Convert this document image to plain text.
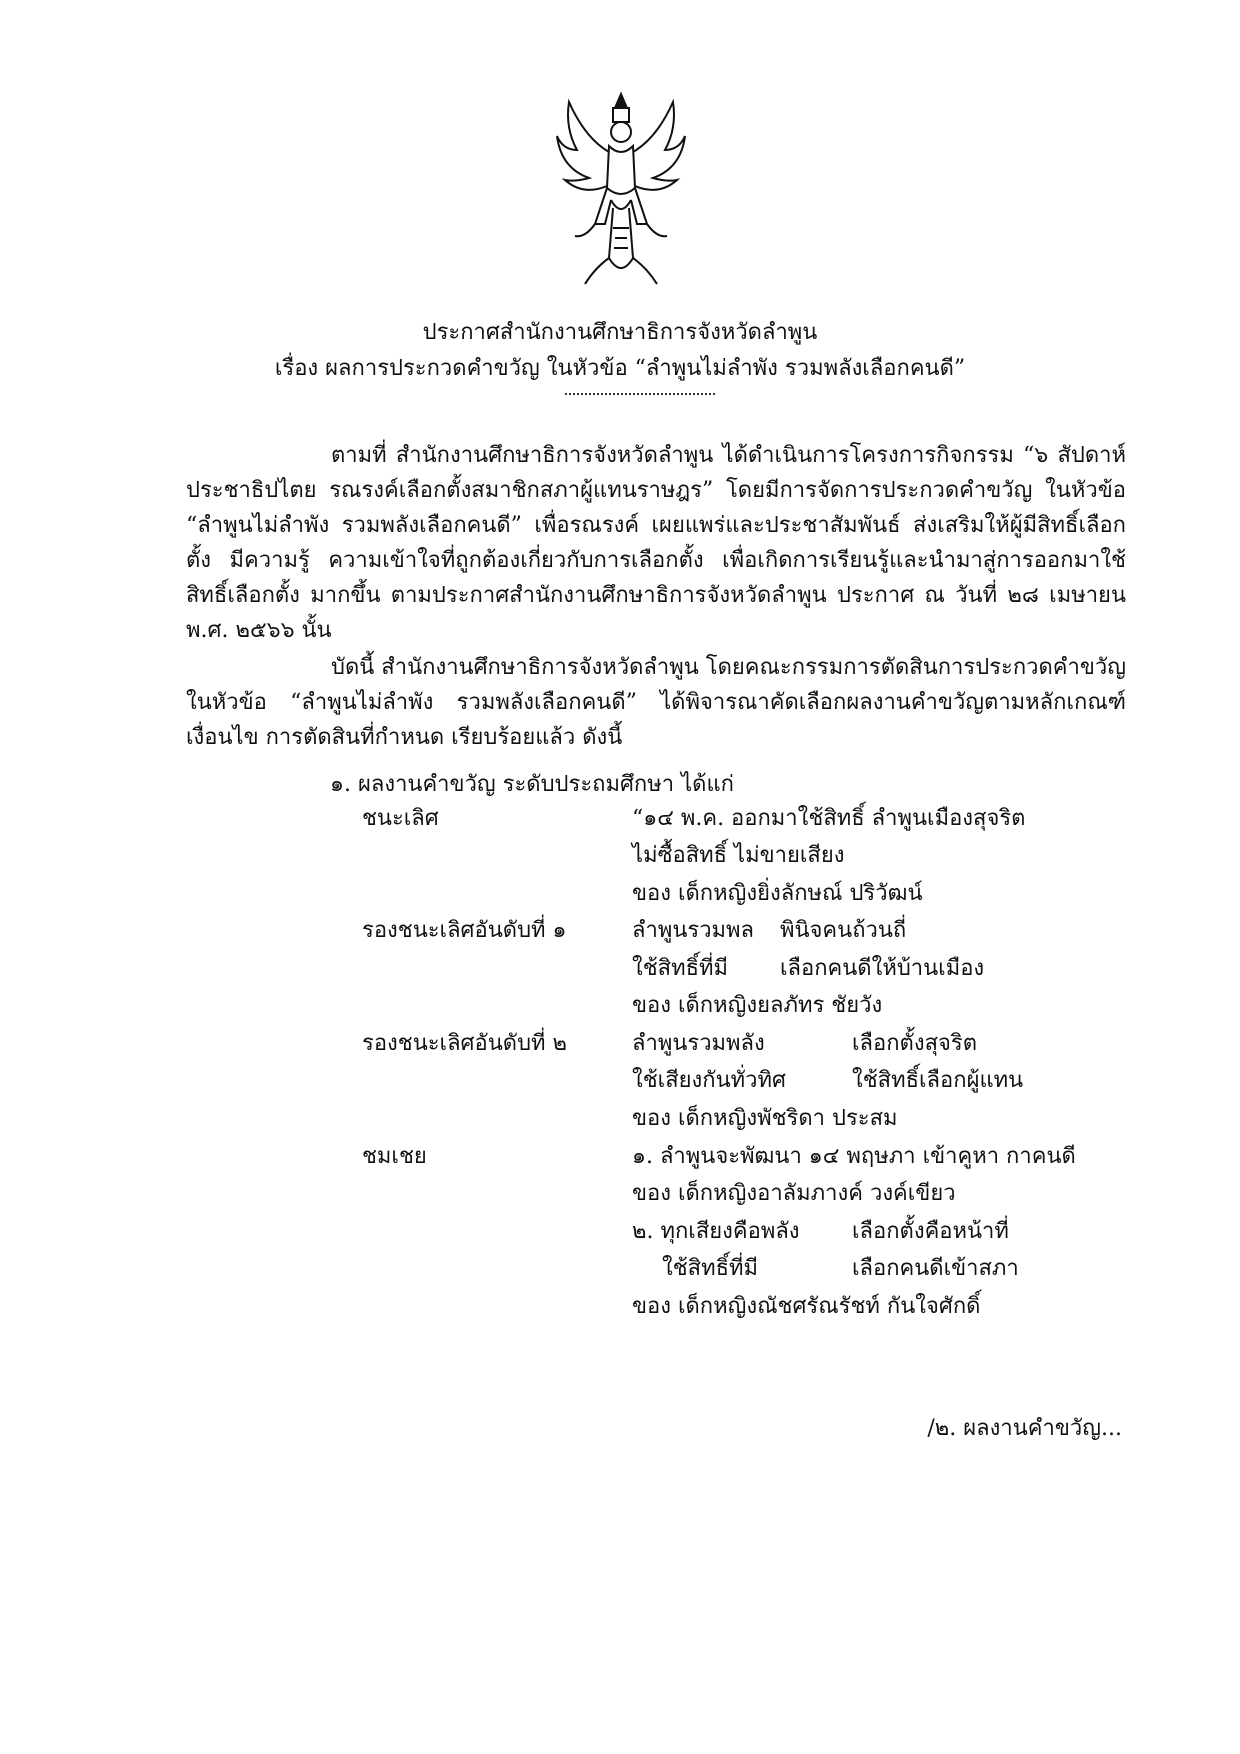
ประกาศสำนักงานศึกษาธิการจังหวัดลำพูน
เรื่อง ผลการประกวดคำขวัญ ในหัวข้อ “ลำพูนไม่ลำพัง รวมพลังเลือกคนดี”

ตามที่ สำนักงานศึกษาธิการจังหวัดลำพูน ได้ดำเนินการโครงการกิจกรรม “๖ สัปดาห์ ประชาธิปไตย รณรงค์เลือกตั้งสมาชิกสภาผู้แทนราษฎร” โดยมีการจัดการประกวดคำขวัญ ในหัวข้อ “ลำพูนไม่ลำพัง รวมพลังเลือกคนดี” เพื่อรณรงค์ เผยแพร่และประชาสัมพันธ์ ส่งเสริมให้ผู้มีสิทธิ์เลือกตั้ง มีความรู้ ความเข้าใจที่ถูกต้องเกี่ยวกับการเลือกตั้ง เพื่อเกิดการเรียนรู้และนำมาสู่การออกมาใช้สิทธิ์เลือกตั้ง มากขึ้น ตามประกาศสำนักงานศึกษาธิการจังหวัดลำพูน ประกาศ ณ วันที่ ๒๘ เมษายน พ.ศ. ๒๕๖๖ นั้น

บัดนี้ สำนักงานศึกษาธิการจังหวัดลำพูน โดยคณะกรรมการตัดสินการประกวดคำขวัญ ในหัวข้อ “ลำพูนไม่ลำพัง รวมพลังเลือกคนดี” ได้พิจารณาคัดเลือกผลงานคำขวัญตามหลักเกณฑ์ เงื่อนไข การตัดสินที่กำหนด เรียบร้อยแล้ว ดังนี้

๑. ผลงานคำขวัญ ระดับประถมศึกษา ได้แก่
ชนะเลิศ	“๑๔ พ.ค. ออกมาใช้สิทธิ์ ลำพูนเมืองสุจริต
ไม่ซื้อสิทธิ์ ไม่ขายเสียง
ของ เด็กหญิงยิ่งลักษณ์ ปริวัฒน์
รองชนะเลิศอันดับที่ ๑	ลำพูนรวมพล พินิจคนถ้วนถี่
ใช้สิทธิ์ที่มี เลือกคนดีให้บ้านเมือง
ของ เด็กหญิงยลภัทร ชัยวัง
รองชนะเลิศอันดับที่ ๒	ลำพูนรวมพลัง	เลือกตั้งสุจริต
ใช้เสียงกันทั่วทิศ	ใช้สิทธิ์เลือกผู้แทน
ของ เด็กหญิงพัชริดา ประสม
ชมเชย	๑. ลำพูนจะพัฒนา ๑๔ พฤษภา เข้าคูหา กาคนดี
ของ เด็กหญิงอาลัมภางค์ วงค์เขียว
๒. ทุกเสียงคือพลัง เลือกตั้งคือหน้าที่
ใช้สิทธิ์ที่มี	เลือกคนดีเข้าสภา
ของ เด็กหญิงณัชศรัณรัชท์ กันใจศักดิ์
/๒. ผลงานคำขวัญ...
